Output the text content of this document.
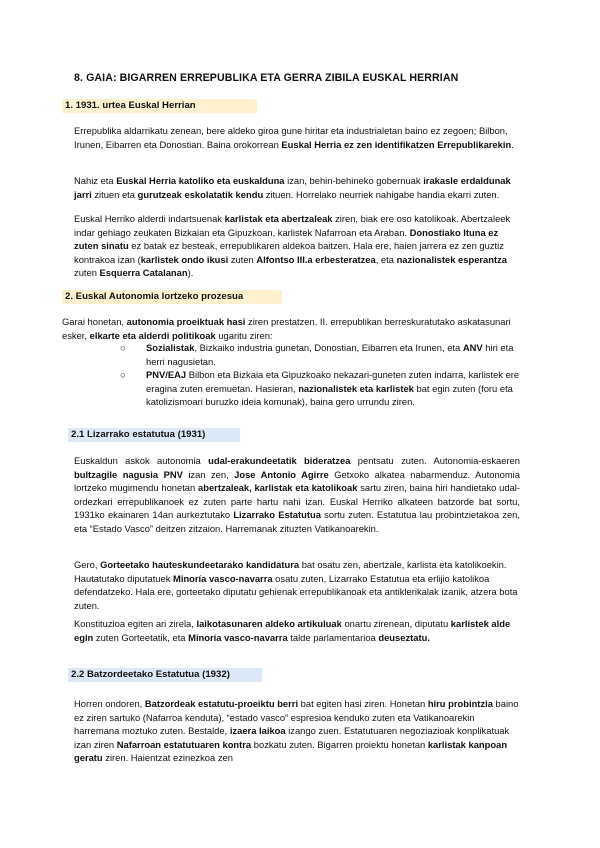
8. GAIA: BIGARREN ERREPUBLIKA ETA GERRA ZIBILA EUSKAL HERRIAN
1. 1931. urtea Euskal Herrian

Errepublika aldarrikatu zenean, bere aldeko giroa gune hiritar eta industrialetan baino ez zegoen; Bilbon, Irunen, Eibarren eta Donostian. Baina orokorrean Euskal Herria ez zen identifikatzen Errepublikarekin.

Nahiz eta Euskal Herria katoliko eta euskalduna izan, behin-behineko gobernuak irakasle erdaldunak jarri zituen eta gurutzeak eskolatatik kendu zituen. Horrelako neurriek nahigabe handia ekarri zuten.

Euskal Herriko alderdi indartsuenak karlistak eta abertzaleak ziren, biak ere oso katolikoak. Abertzaleek indar gehiago zeukaten Bizkaian eta Gipuzkoan, karlistek Nafarroan eta Araban. Donostiako Ituna ez zuten sinatu ez batak ez besteak, errepublikaren aldekoa baitzen. Hala ere, haien jarrera ez zen guztiz kontrakoa izan (karlistek ondo ikusi zuten Alfontso III.a erbesteratzea, eta nazionalistek esperantza zuten Esquerra Catalanan).

2. Euskal Autonomia lortzeko prozesua

Garai honetan, autonomia proeiktuak hasi ziren prestatzen. II. errepublikan berreskuratutako askatasunari esker, elkarte eta alderdi politikoak ugaritu ziren:

○ Sozialistak, Bizkaiko industria gunetan, Donostian, Eibarren eta Irunen, eta ANV hiri eta herri nagusietan.
○ PNV/EAJ Bilbon eta Bizkaia eta Gipuzkoako nekazari-guneten zuten indarra, karlistek ere eragina zuten eremuetan. Hasieran, nazionalistek eta karlistek bat egin zuten (foru eta katolizismoari buruzko ideia komunak), baina gero urrundu ziren.
2.1 Lizarrako estatutua (1931)

Euskaldun askok autonomia udal-erakundeetatik bideratzea pentsatu zuten. Autonomia-eskaeren bultzagile nagusia PNV izan zen, Jose Antonio Agirre Getxoko alkatea nabarmenduz. Autonomia lortzeko mugimendu honetan abertzaleak, karlistak eta katolikoak sartu ziren, baina hiri handietako udal-ordezkari errepublikanoek ez zuten parte hartu nahi izan. Euskal Herriko alkateen batzorde bat sortu, 1931ko ekainaren 14an aurkeztutako Lizarrako Estatutua sortu zuten. Estatutua lau probintzietakoa zen, eta “Estado Vasco” deitzen zitzaion. Harremanak zituzten Vatikanoarekin.

Gero, Gorteetako hauteskundeetarako kandidatura bat osatu zen, abertzale, karlista eta katolikoekin. Hautatutako diputatuek Minoría vasco-navarra osatu zuten, Lizarrako Estatutua eta erlijio katolikoa defendatzeko. Hala ere, gorteetako diputatu gehienak errepublikanoak eta antiklerikalak izanik, atzera bota zuten.

Konstituzioa egiten ari zirela, laikotasunaren aldeko artikuluak onartu zirenean, diputatu karlistek alde egin zuten Gorteetatik, eta Minoría vasco-navarra talde parlamentarioa deuseztatu.

2.2 Batzordeetako Estatutua (1932)

Horren ondoren, Batzordeak estatutu-proeiktu berri bat egiten hasi ziren. Honetan hiru probintzia baino ez ziren sartuko (Nafarroa kenduta), “estado vasco” espresioa kenduko zuten eta Vatikanoarekin harremana moztuko zuten. Bestalde, izaera laikoa izango zuen. Estatutuaren negoziazioak konplikatuak izan ziren Nafarroan estatutuaren kontra bozkatu zuten. Bigarren proiektu honetan karlistak kanpoan geratu ziren. Haientzat ezinezkoa zen
